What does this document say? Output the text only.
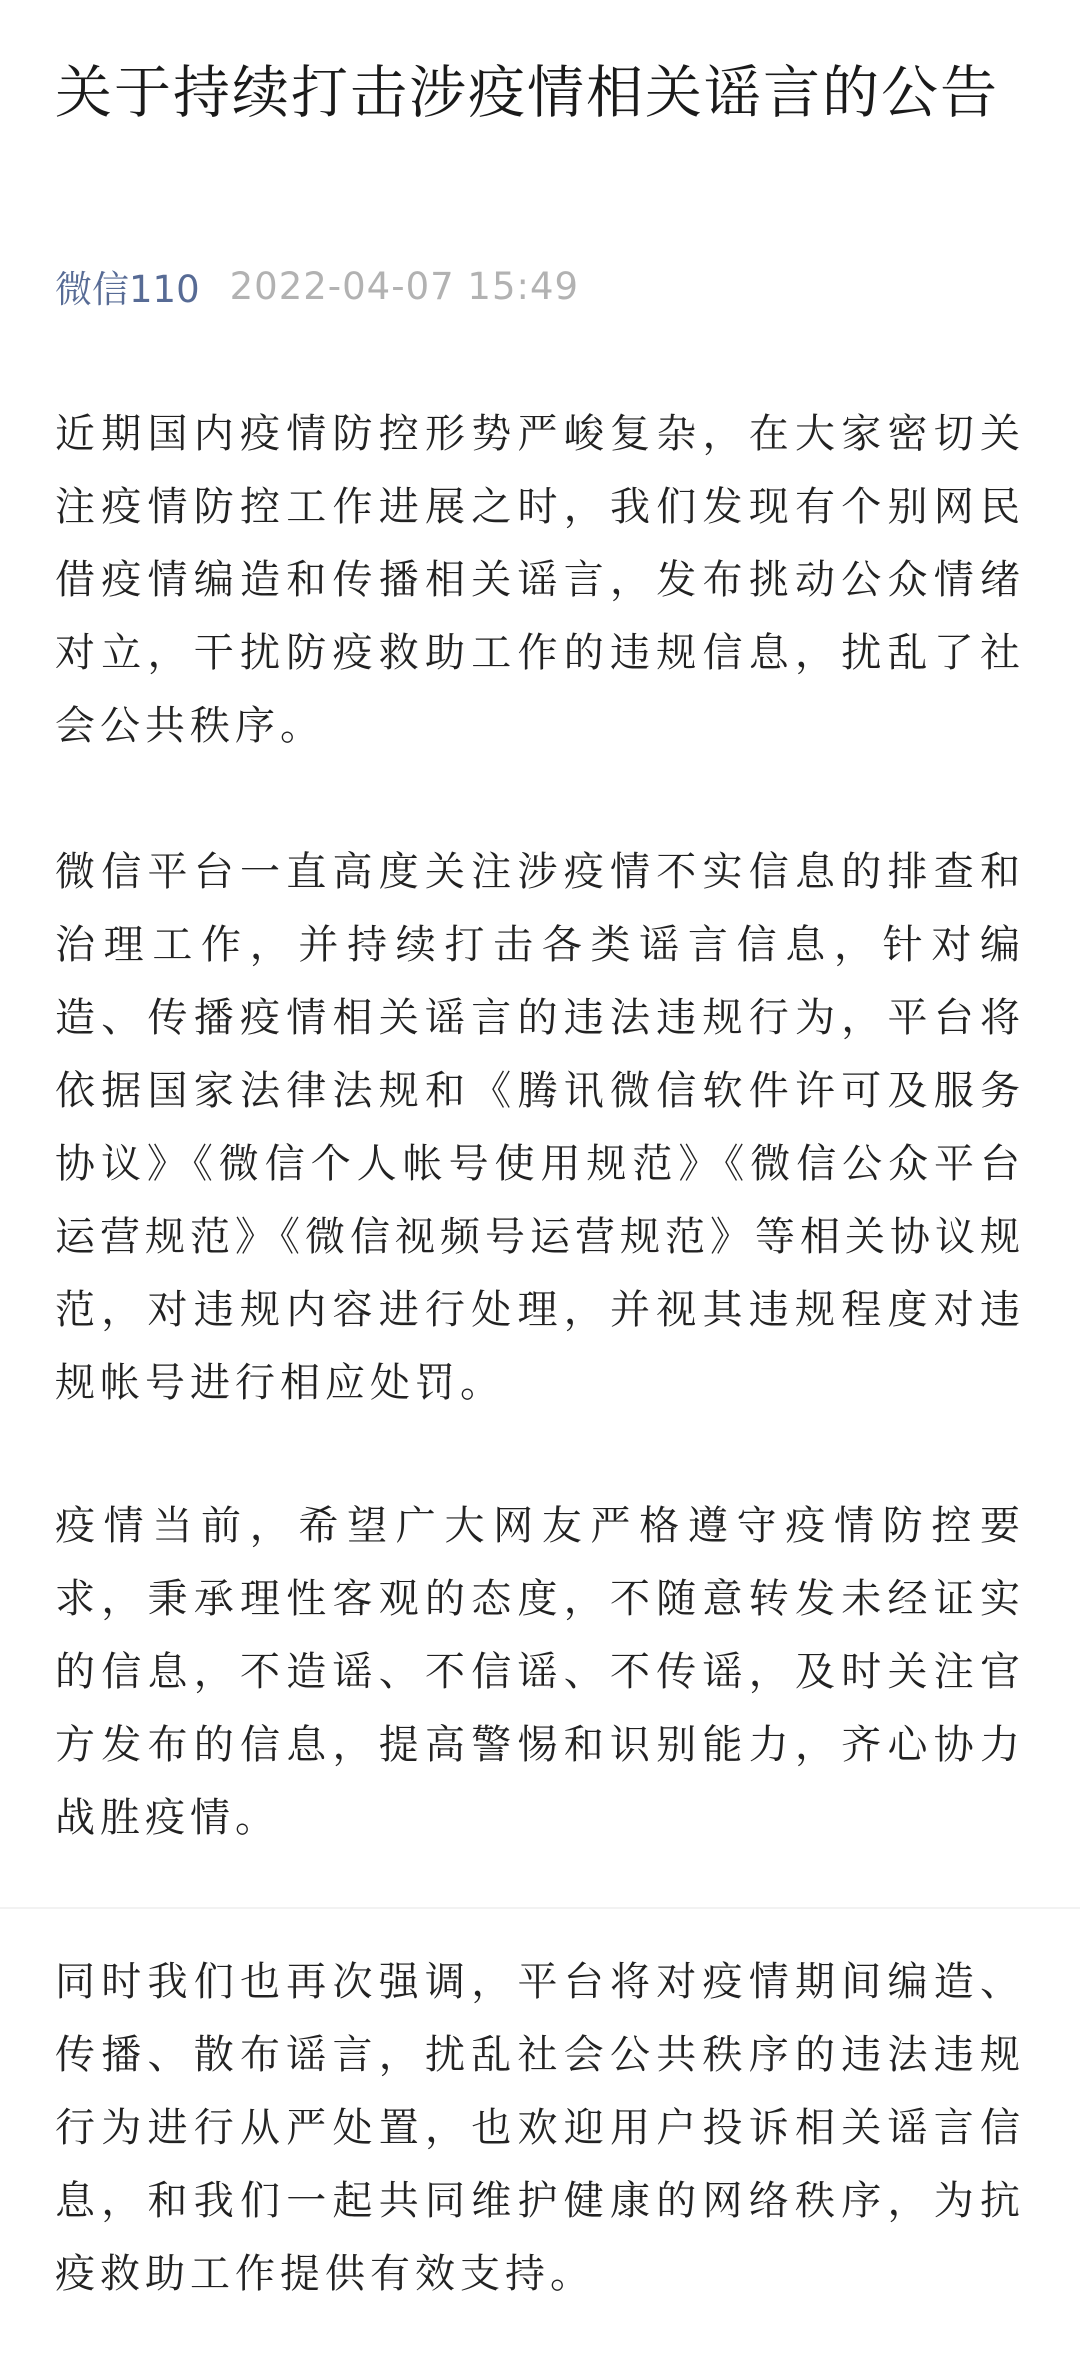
关于持续打击涉疫情相关谣言的公告
微信110 2022-04-07 15:49

近期国内疫情防控形势严峻复杂，在大家密切关注疫情防控工作进展之时，我们发现有个别网民借疫情编造和传播相关谣言，发布挑动公众情绪对立，干扰防疫救助工作的违规信息，扰乱了社会公共秩序。

微信平台一直高度关注涉疫情不实信息的排查和治理工作，并持续打击各类谣言信息，针对编造、传播疫情相关谣言的违法违规行为，平台将依据国家法律法规和《腾讯微信软件许可及服务协议》《微信个人帐号使用规范》《微信公众平台运营规范》《微信视频号运营规范》等相关协议规范，对违规内容进行处理，并视其违规程度对违规帐号进行相应处罚。

疫情当前，希望广大网友严格遵守疫情防控要求，秉承理性客观的态度，不随意转发未经证实的信息，不造谣、不信谣、不传谣，及时关注官方发布的信息，提高警惕和识别能力，齐心协力战胜疫情。

同时我们也再次强调，平台将对疫情期间编造、传播、散布谣言，扰乱社会公共秩序的违法违规行为进行从严处置，也欢迎用户投诉相关谣言信息，和我们一起共同维护健康的网络秩序，为抗疫救助工作提供有效支持。
